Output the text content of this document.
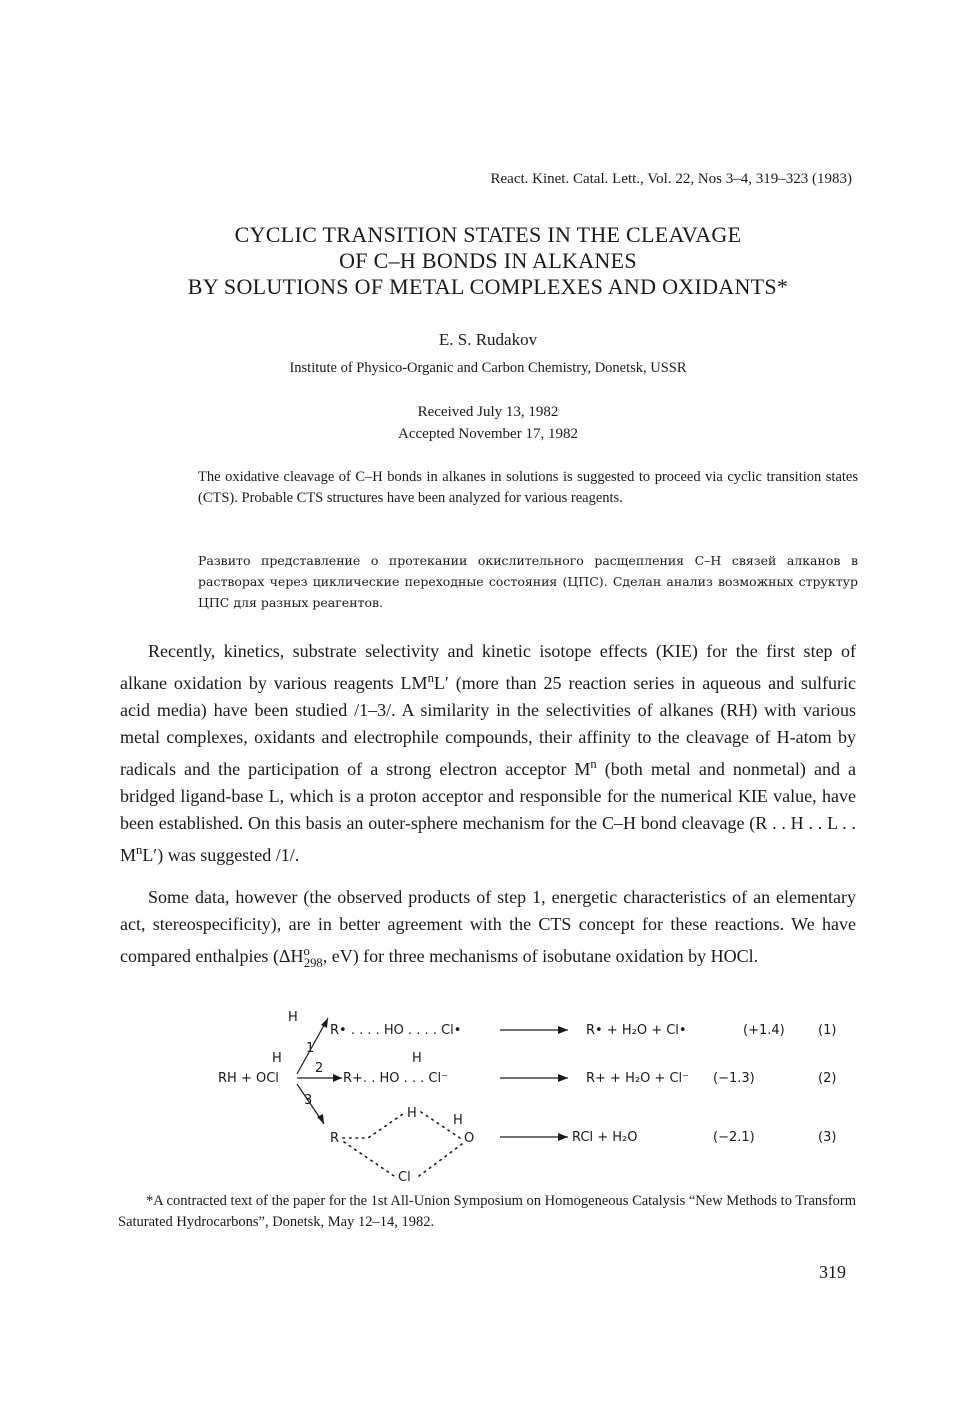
React. Kinet. Catal. Lett., Vol. 22, Nos 3–4, 319–323 (1983)
CYCLIC TRANSITION STATES IN THE CLEAVAGE
OF C–H BONDS IN ALKANES
BY SOLUTIONS OF METAL COMPLEXES AND OXIDANTS*
E. S. Rudakov
Institute of Physico-Organic and Carbon Chemistry, Donetsk, USSR
Received July 13, 1982
Accepted November 17, 1982
The oxidative cleavage of C–H bonds in alkanes in solutions is suggested to proceed via cyclic transition states (CTS). Probable CTS structures have been analyzed for various reagents.
Развито представление о протекании окислительного расщепления С–Н связей алканов в растворах через циклические переходные состояния (ЦПС). Сделан анализ возможных структур ЦПС для разных реагентов.
Recently, kinetics, substrate selectivity and kinetic isotope effects (KIE) for the first step of alkane oxidation by various reagents $LM^nL'$ (more than 25 reaction series in aqueous and sulfuric acid media) have been studied /1–3/. A similarity in the selectivities of alkanes (RH) with various metal complexes, oxidants and electrophile compounds, their affinity to the cleavage of H-atom by radicals and the participation of a strong electron acceptor $M^n$ (both metal and nonmetal) and a bridged ligand-base L, which is a proton acceptor and responsible for the numerical KIE value, have been established. On this basis an outer-sphere mechanism for the C–H bond cleavage (R . . H . . L . . $M^nL'$) was suggested /1/.
Some data, however (the observed products of step 1, energetic characteristics of an elementary act, stereospecificity), are in better agreement with the CTS concept for these reactions. We have compared enthalpies ($\Delta H^o_{298}$, eV) for three mechanisms of isobutane oxidation by HOCl.
H
R• . . . . HO . . . . Cl•	R• + H₂O + Cl•	(+1.4)	(1)
H
RH + OCl
1
2
3
H
R+. . HO . . . Cl⁻	R+ + H₂O + Cl⁻ (−1.3)	(2)
R
H	H
O
Cl
RCl + H₂O	(−2.1)	(3)
*A contracted text of the paper for the 1st All-Union Symposium on Homogeneous Catalysis “New Methods to Transform Saturated Hydrocarbons”, Donetsk, May 12–14, 1982.
319
